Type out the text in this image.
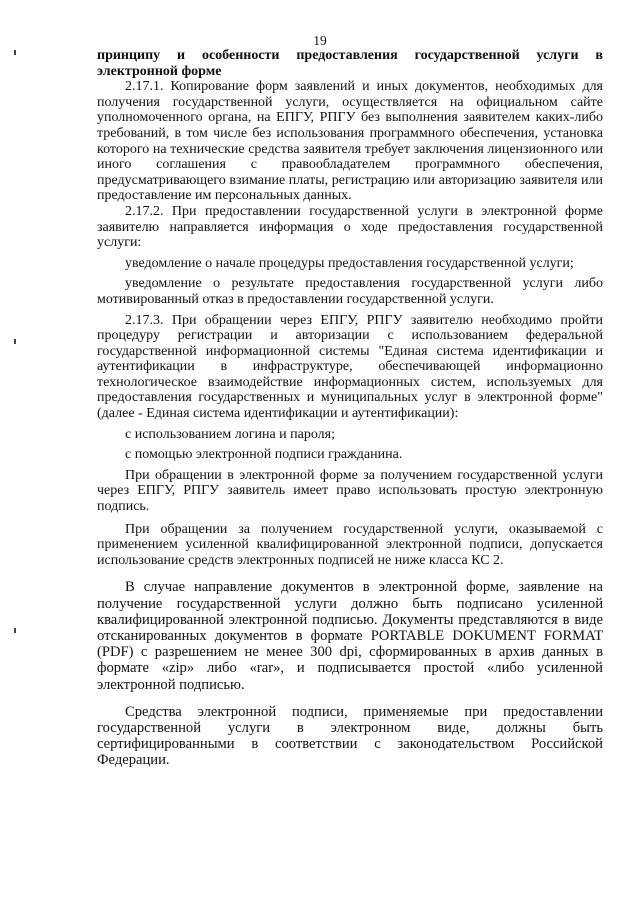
19

принципу и особенности предоставления государственной услуги в электронной форме

2.17.1. Копирование форм заявлений и иных документов, необходимых для получения государственной услуги, осуществляется на официальном сайте уполномоченного органа, на ЕПГУ, РПГУ без выполнения заявителем каких-либо требований, в том числе без использования программного обеспечения, установка которого на технические средства заявителя требует заключения лицензионного или иного соглашения с правообладателем программного обеспечения, предусматривающего взимание платы, регистрацию или авторизацию заявителя или предоставление им персональных данных.

2.17.2. При предоставлении государственной услуги в электронной форме заявителю направляется информация о ходе предоставления государственной услуги:

уведомление о начале процедуры предоставления государственной услуги;

уведомление о результате предоставления государственной услуги либо мотивированный отказ в предоставлении государственной услуги.

2.17.3. При обращении через ЕПГУ, РПГУ заявителю необходимо пройти процедуру регистрации и авторизации с использованием федеральной государственной информационной системы "Единая система идентификации и аутентификации в инфраструктуре, обеспечивающей информационно технологическое взаимодействие информационных систем, используемых для предоставления государственных и муниципальных услуг в электронной форме" (далее - Единая система идентификации и аутентификации):

с использованием логина и пароля;

с помощью электронной подписи гражданина.

При обращении в электронной форме за получением государственной услуги через ЕПГУ, РПГУ заявитель имеет право использовать простую электронную подпись.

При обращении за получением государственной услуги, оказываемой с применением усиленной квалифицированной электронной подписи, допускается использование средств электронных подписей не ниже класса КС 2.

В случае направление документов в электронной форме, заявление на получение государственной услуги должно быть подписано усиленной квалифицированной электронной подписью. Документы представляются в виде отсканированных документов в формате PORTABLE DOKUMENT FORMAT (PDF) с разрешением не менее 300 dpi, сформированных в архив данных в формате «zip» либо «rar», и подписывается простой «либо усиленной электронной подписью.

Средства электронной подписи, применяемые при предоставлении государственной услуги в электронном виде, должны быть сертифицированными в соответствии с законодательством Российской Федерации.
